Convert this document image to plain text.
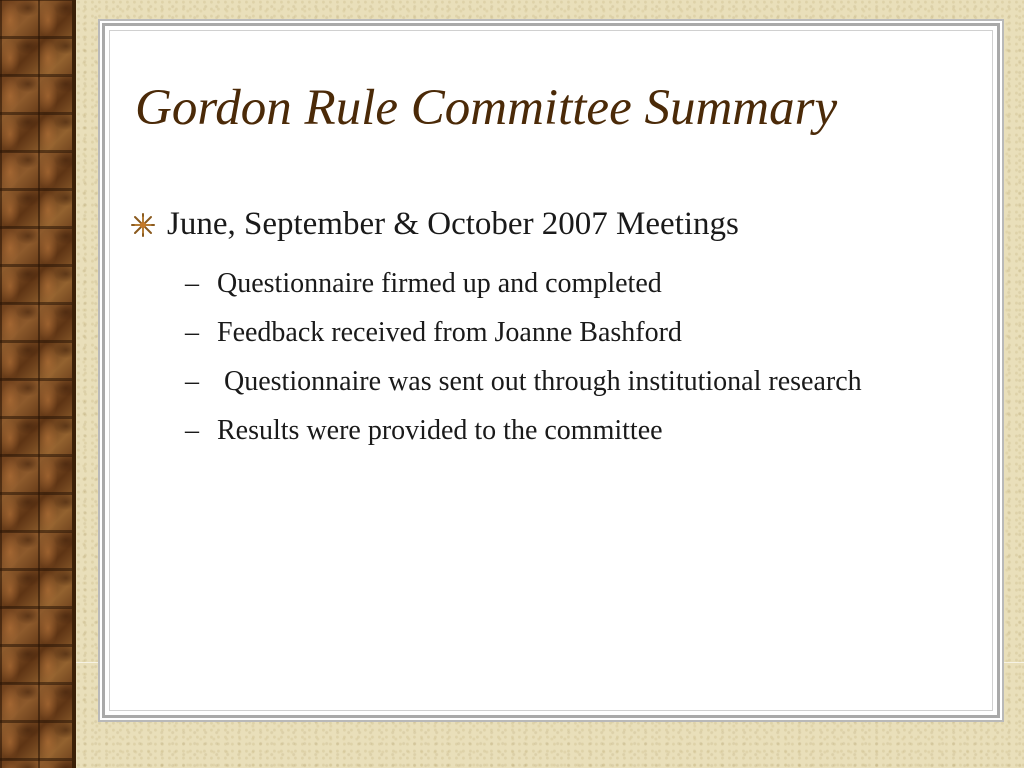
Gordon Rule Committee Summary
June, September & October 2007 Meetings
– Questionnaire firmed up and completed
– Feedback received from Joanne Bashford
– Questionnaire was sent out through institutional research
– Results were provided to the committee
